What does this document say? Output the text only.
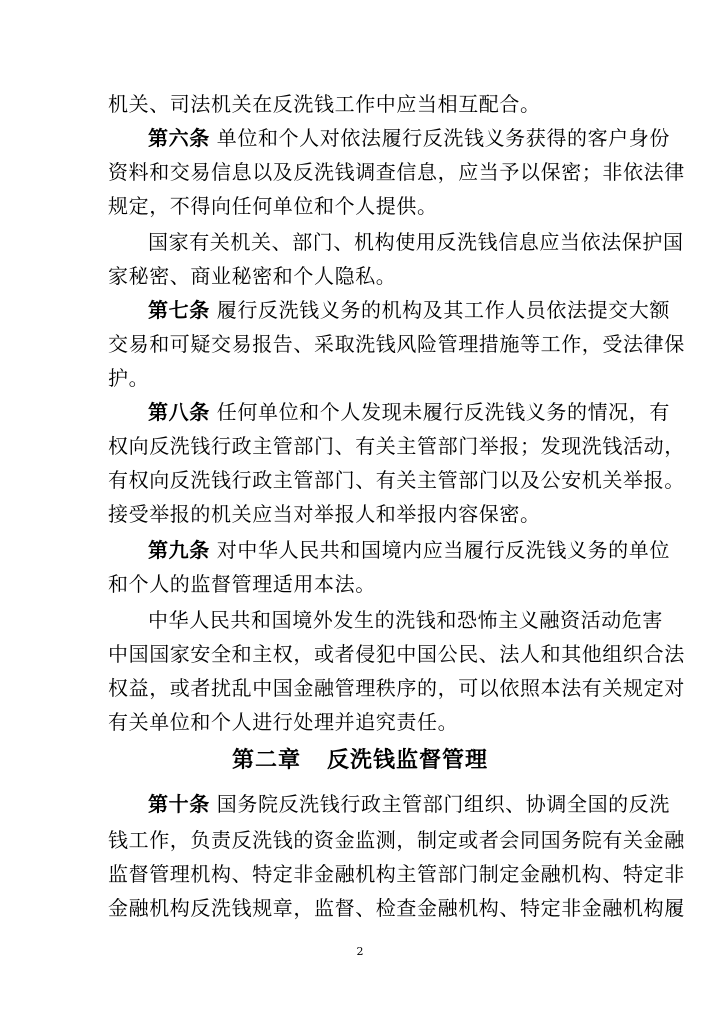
机关、司法机关在反洗钱工作中应当相互配合。
第六条 单位和个人对依法履行反洗钱义务获得的客户身份
资料和交易信息以及反洗钱调查信息，应当予以保密；非依法律
规定，不得向任何单位和个人提供。
国家有关机关、部门、机构使用反洗钱信息应当依法保护国
家秘密、商业秘密和个人隐私。
第七条 履行反洗钱义务的机构及其工作人员依法提交大额
交易和可疑交易报告、采取洗钱风险管理措施等工作，受法律保
护。
第八条 任何单位和个人发现未履行反洗钱义务的情况，有
权向反洗钱行政主管部门、有关主管部门举报；发现洗钱活动，
有权向反洗钱行政主管部门、有关主管部门以及公安机关举报。
接受举报的机关应当对举报人和举报内容保密。
第九条 对中华人民共和国境内应当履行反洗钱义务的单位
和个人的监督管理适用本法。
中华人民共和国境外发生的洗钱和恐怖主义融资活动危害
中国国家安全和主权，或者侵犯中国公民、法人和其他组织合法
权益，或者扰乱中国金融管理秩序的，可以依照本法有关规定对
有关单位和个人进行处理并追究责任。
第二章 反洗钱监督管理
第十条 国务院反洗钱行政主管部门组织、协调全国的反洗
钱工作，负责反洗钱的资金监测，制定或者会同国务院有关金融
监督管理机构、特定非金融机构主管部门制定金融机构、特定非
金融机构反洗钱规章，监督、检查金融机构、特定非金融机构履
2
